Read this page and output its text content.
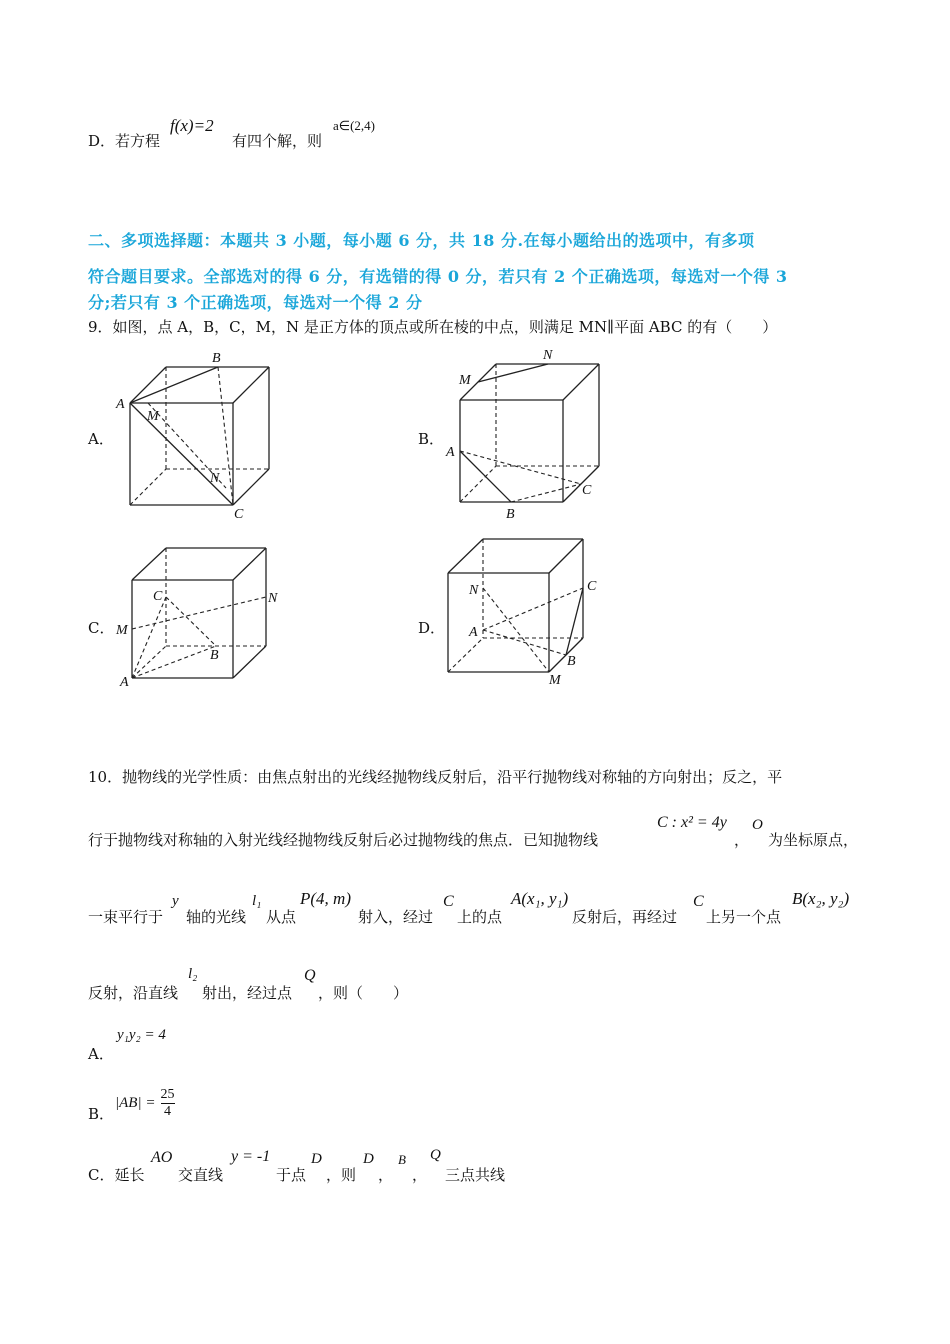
D．若方程
f(x)=2
有四个解，则
a∈(2,4)
二、多项选择题：本题共 3 小题，每小题 6 分，共 18 分.在每小题给出的选项中，有多项
符合题目要求。全部选对的得 6 分，有选错的得 0 分，若只有 2 个正确选项，每选对一个得 3
分;若只有 3 个正确选项，每选对一个得 2 分
9．如图，点 A，B，C，M，N 是正方体的顶点或所在棱的中点，则满足 MN∥平面 ABC 的有（　　）
A．	B．
C．	D．
B
A
M
N
C
N
M
A
C
B
C	N
M
B
A
C
N
A
B
M
10．抛物线的光学性质：由焦点射出的光线经抛物线反射后，沿平行抛物线对称轴的方向射出；反之，平
行于抛物线对称轴的入射光线经抛物线反射后必过抛物线的焦点．已知抛物线
C : x² = 4y
，
O
为坐标原点，
一束平行于
y
轴的光线
l₁
从点
P(4, m)
射入，经过
C
上的点
A(x₁, y₁)
反射后，再经过
C
上另一个点
B(x₂, y₂)
反射，沿直线
l₂
射出，经过点
Q
，则（　　）
A．
y₁y₂ = 4
B．
$|AB| = \frac{25}{4}$
C．延长
AO
交直线
y = -1
于点
D
，则
D
，
B
，
Q
三点共线
